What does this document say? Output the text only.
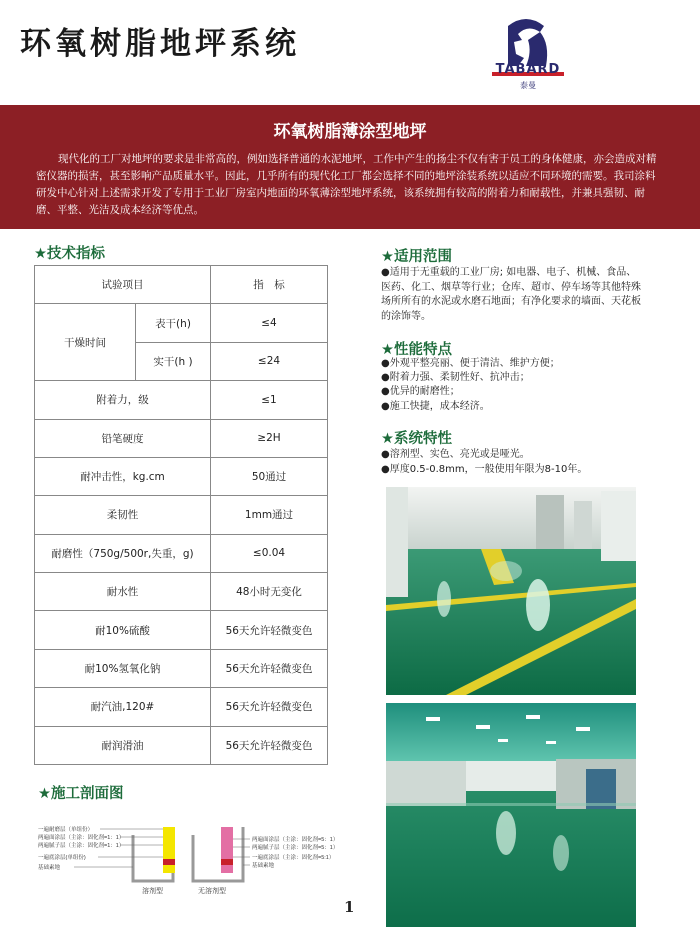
环氧树脂地坪系统
TABARD
泰曼
环氧树脂薄涂型地坪
现代化的工厂对地坪的要求是非常高的，例如选择普通的水泥地坪，工作中产生的扬尘不仅有害于员工的身体健康，亦会造成对精密仪器的损害，甚至影响产品质量水平。因此，几乎所有的现代化工厂都会选择不同的地坪涂装系统以适应不同环境的需要。我司涂料研发中心针对上述需求开发了专用于工业厂房室内地面的环氧薄涂型地坪系统，该系统拥有较高的附着力和耐载性，并兼具强韧、耐磨、平整、光洁及成本经济等优点。
★技术指标
试验项目		指　标
干燥时间	表干(h)	≤4
	实干(h )	≤24
附着力，级		≤1
铅笔硬度		≥2H
耐冲击性，kg.cm		50通过
柔韧性		1mm通过
耐磨性（750g/500r,失重，g)		≤0.04
耐水性		48小时无变化
耐10%硫酸		56天允许轻微变色
耐10%氢氧化钠		56天允许轻微变色
耐汽油,120#		56天允许轻微变色
耐润滑油		56天允许轻微变色
★适用范围
●适用于无重载的工业厂房; 如电器、电子、机械、食品、医药、化工、烟草等行业；仓库、超市、停车场等其他特殊场所所有的水泥或水磨石地面；有净化要求的墙面、天花板的涂饰等。
★性能特点
●外观平整亮丽、便于清洁、维护方便；
●附着力强、柔韧性好、抗冲击；
●优异的耐磨性；
●施工快捷，成本经济。
★系统特性
●溶剂型、实色、亮光或是哑光。
●厚度0.5-0.8mm，一般使用年限为8-10年。
★施工剖面图
一遍耐磨层（单组份）
两遍面涂层（主涂：固化剂=1：1）
两遍腻子层（主涂：固化剂=1：1）
一遍底涂层(单组份)
基础素地
两遍面涂层（主涂：固化剂=5：1）
两遍腻子层（主涂：固化剂=5：1）
一遍底涂层（主涂：固化剂=5:1）
基础素地
溶剂型	无溶剂型
1
